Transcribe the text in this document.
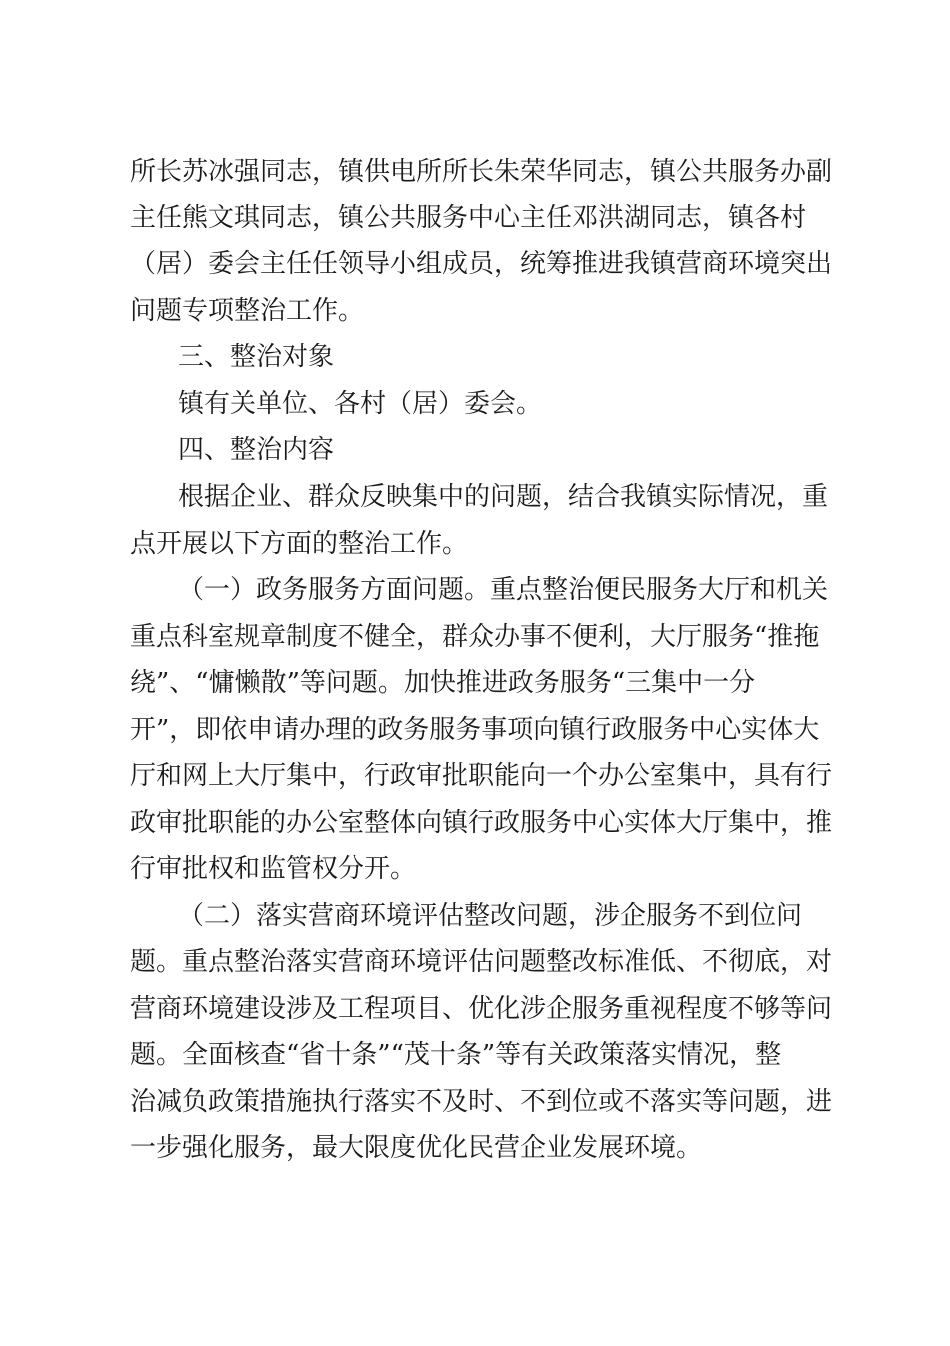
所长苏冰强同志，镇供电所所长朱荣华同志，镇公共服务办副
主任熊文琪同志，镇公共服务中心主任邓洪湖同志，镇各村
（居）委会主任任领导小组成员，统筹推进我镇营商环境突出
问题专项整治工作。
三、整治对象
镇有关单位、各村（居）委会。
四、整治内容
根据企业、群众反映集中的问题，结合我镇实际情况，重
点开展以下方面的整治工作。
（一）政务服务方面问题。重点整治便民服务大厅和机关
重点科室规章制度不健全，群众办事不便利，大厅服务“推拖
绕”、“慵懒散”等问题。加快推进政务服务“三集中一分
开”，即依申请办理的政务服务事项向镇行政服务中心实体大
厅和网上大厅集中，行政审批职能向一个办公室集中，具有行
政审批职能的办公室整体向镇行政服务中心实体大厅集中，推
行审批权和监管权分开。
（二）落实营商环境评估整改问题，涉企服务不到位问
题。重点整治落实营商环境评估问题整改标准低、不彻底，对
营商环境建设涉及工程项目、优化涉企服务重视程度不够等问
题。全面核查“省十条”“茂十条”等有关政策落实情况，整
治减负政策措施执行落实不及时、不到位或不落实等问题，进
一步强化服务，最大限度优化民营企业发展环境。
